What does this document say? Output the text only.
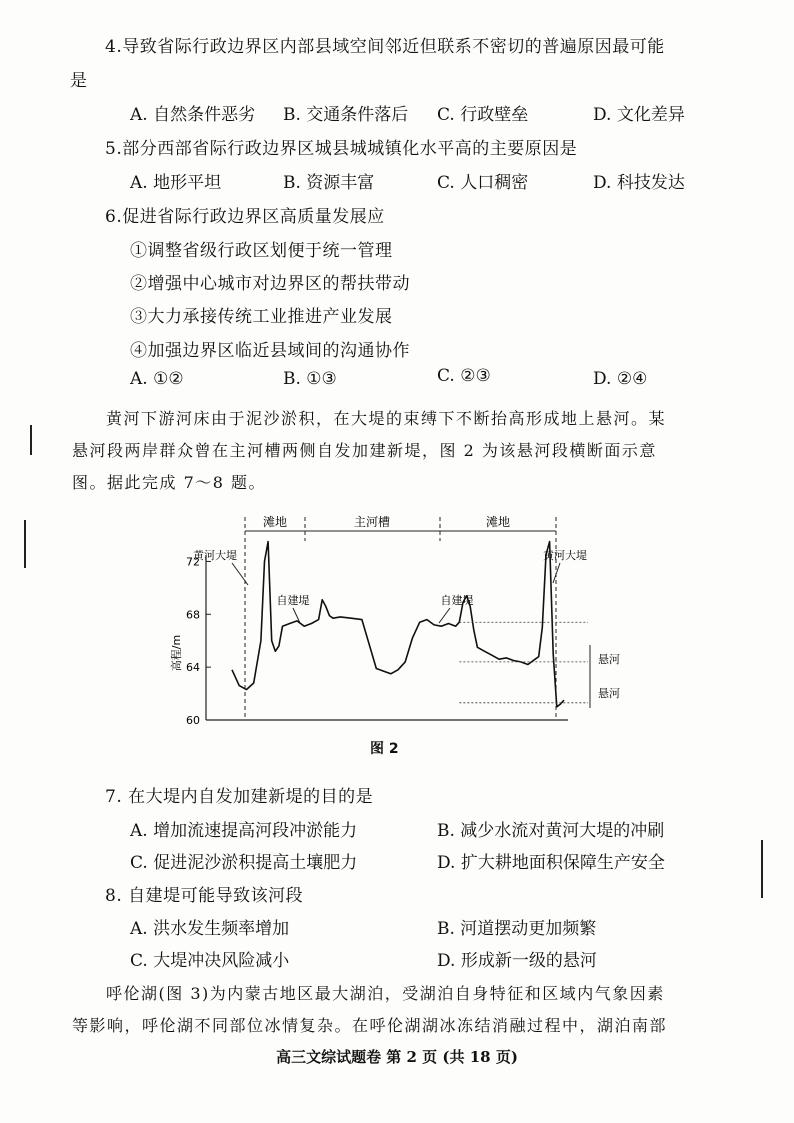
4.导致省际行政边界区内部县域空间邻近但联系不密切的普遍原因最可能
是
A. 自然条件恶劣 B. 交通条件落后 C. 行政壁垒	D. 文化差异
5.部分西部省际行政边界区城县城城镇化水平高的主要原因是
A. 地形平坦	B. 资源丰富	C. 人口稠密	D. 科技发达
6.促进省际行政边界区高质量发展应
①调整省级行政区划便于统一管理
②增强中心城市对边界区的帮扶带动
③大力承接传统工业推进产业发展
④加强边界区临近县域间的沟通协作
A. ①②	B. ①③	C. ②③	D. ②④
黄河下游河床由于泥沙淤积，在大堤的束缚下不断抬高形成地上悬河。某
悬河段两岸群众曾在主河槽两侧自发加建新堤，图 2 为该悬河段横断面示意
图。据此完成 7～8 题。
滩地	主河槽	滩地
高程/m
黄河大堤	黄河大堤
自建堤	自建堤
悬河
悬河
60
64
68
72
图 2
7. 在大堤内自发加建新堤的目的是
A. 增加流速提高河段冲淤能力	B. 减少水流对黄河大堤的冲刷
C. 促进泥沙淤积提高土壤肥力	D. 扩大耕地面积保障生产安全
8. 自建堤可能导致该河段
A. 洪水发生频率增加	B. 河道摆动更加频繁
C. 大堤冲决风险减小	D. 形成新一级的悬河
呼伦湖(图 3)为内蒙古地区最大湖泊，受湖泊自身特征和区域内气象因素
等影响，呼伦湖不同部位冰情复杂。在呼伦湖湖冰冻结消融过程中，湖泊南部
高三文综试题卷 第 2 页 (共 18 页)
